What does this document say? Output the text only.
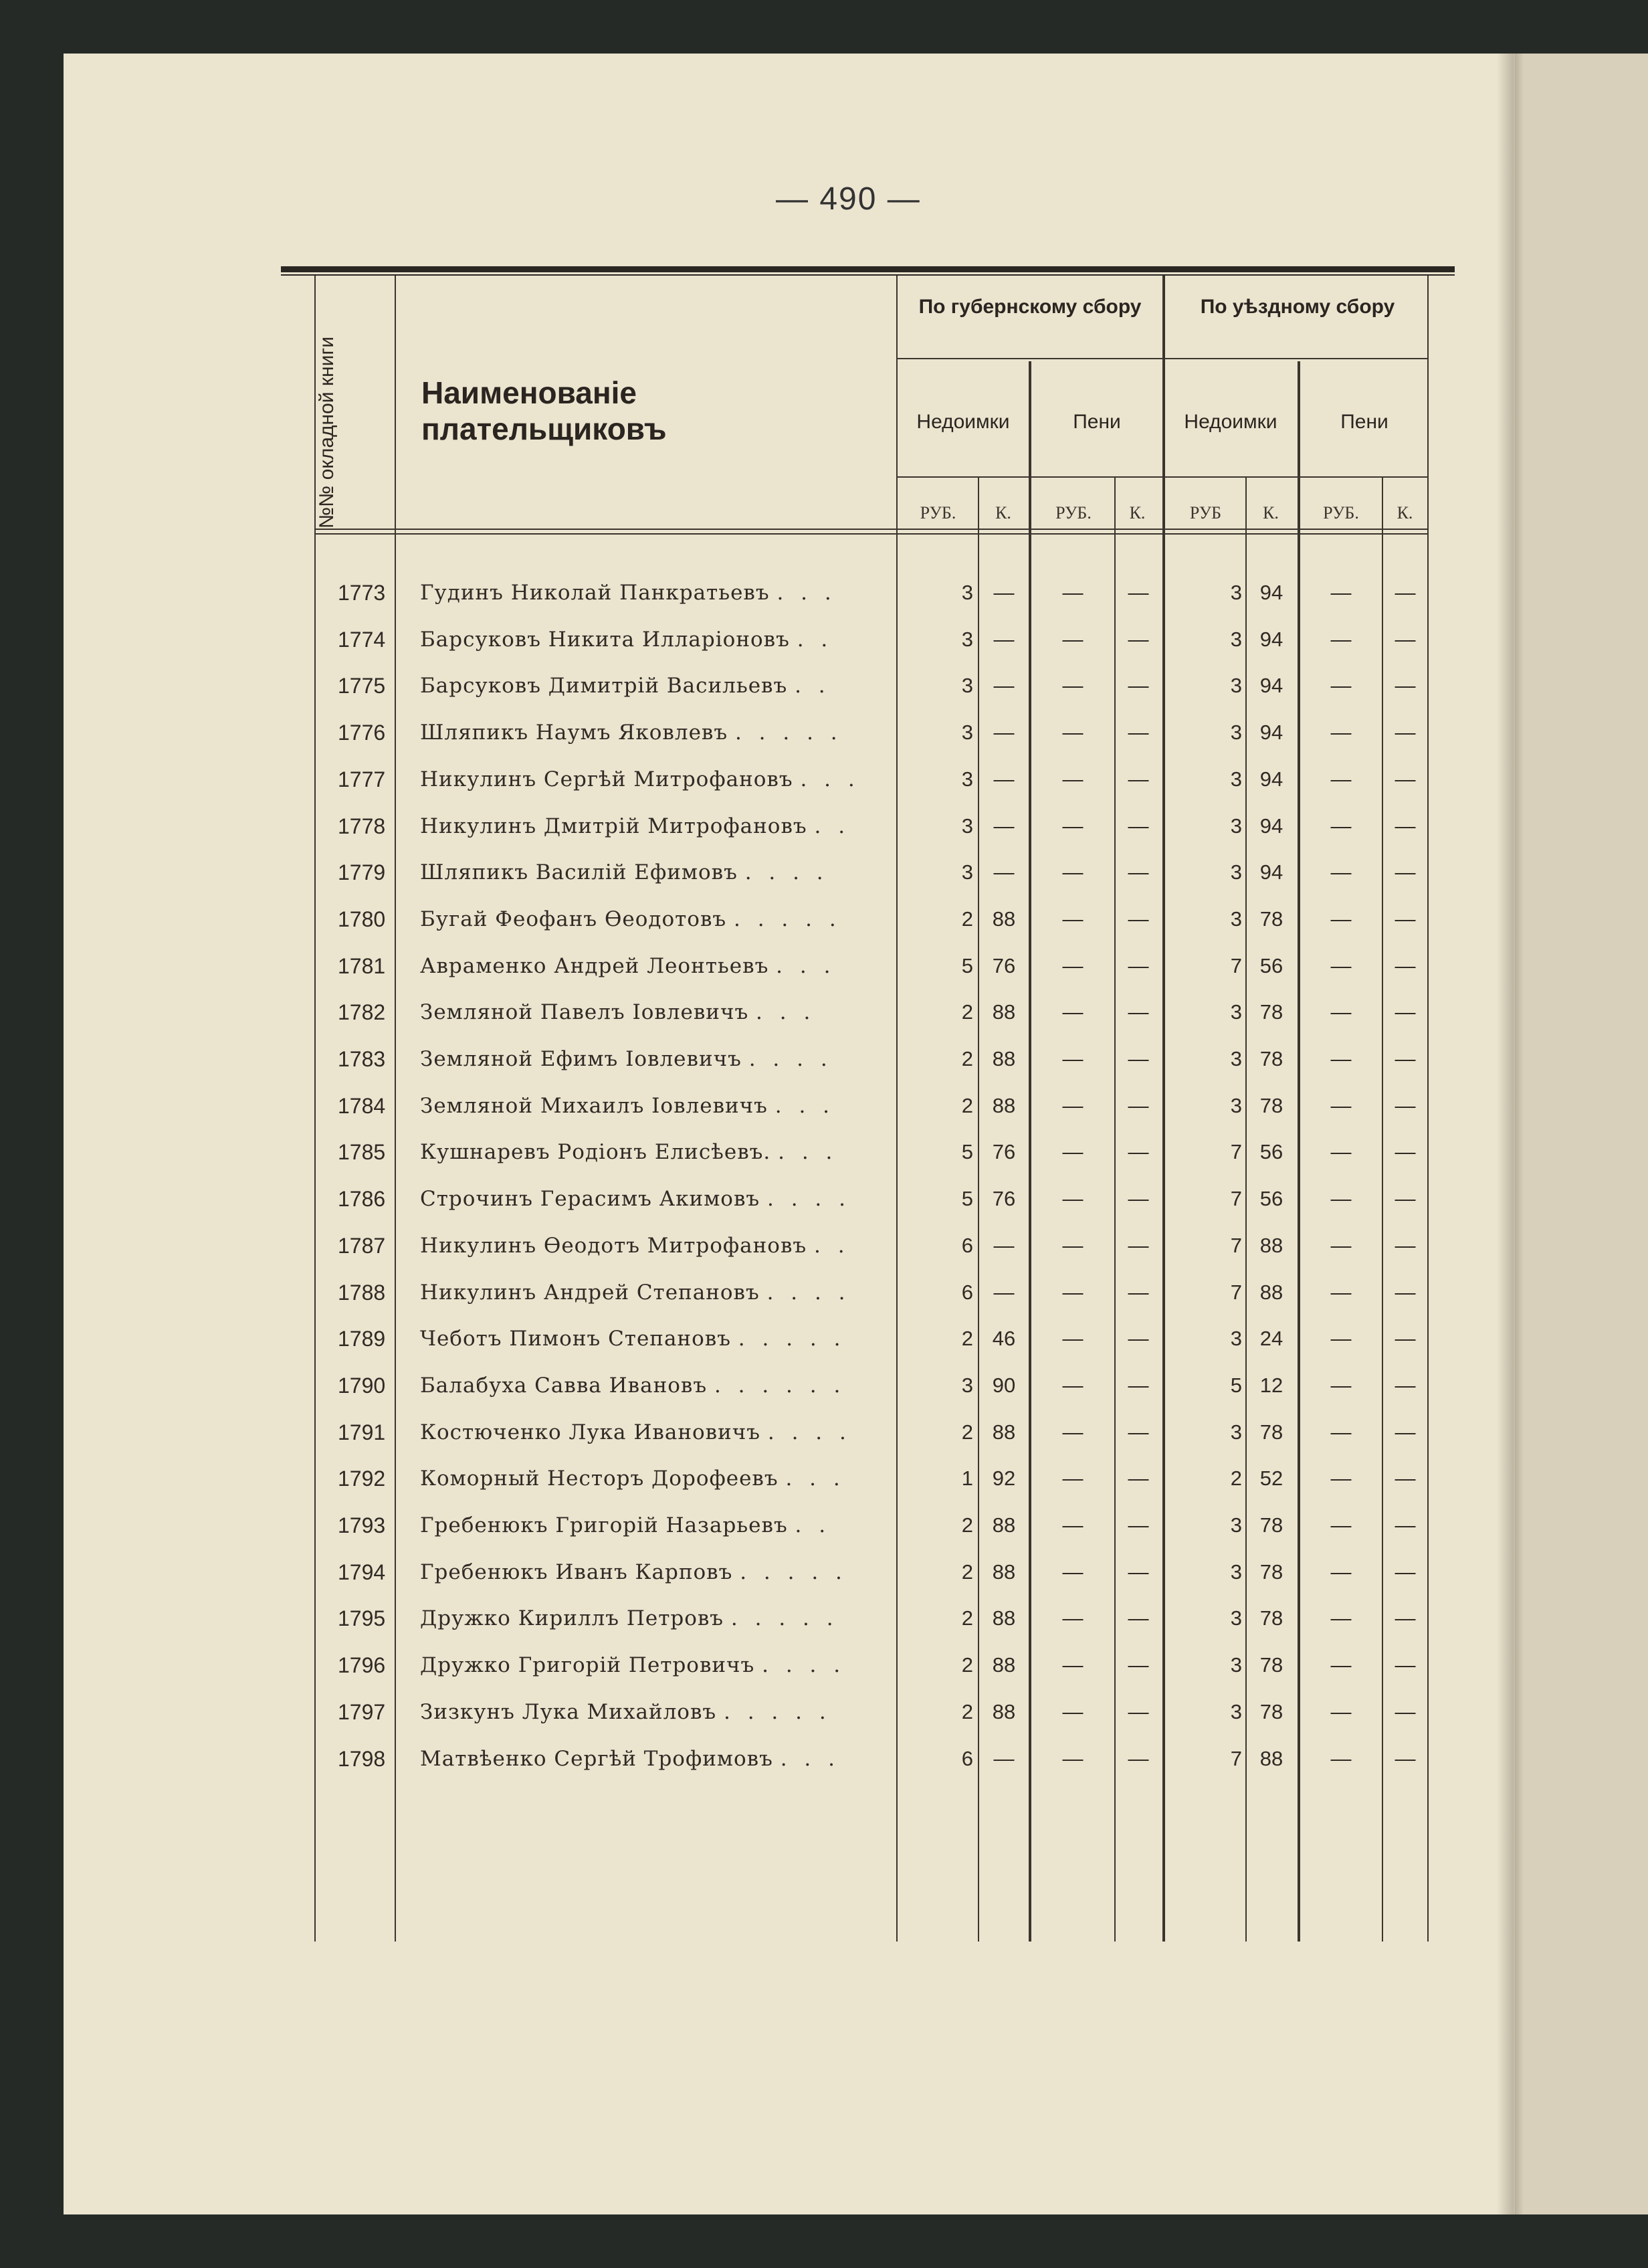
— 490 —
№№ окладной книги	Наименованіе плательщиковъ
По губернскому сбору	По уѣздному сбору
Недоимки	Пени	Недоимки	Пени
РУБ.	К.	РУБ.	К.	РУБ	К.	РУБ.	К.
1773 Гудинъ Николай Панкратьевъ . . .	3 —	—	—	3 94	—	—
1774 Барсуковъ Никита Илларіоновъ . .	3 —	—	—	3 94	—	—
1775 Барсуковъ Димитрій Васильевъ . .	3 —	—	—	3 94	—	—
1776 Шляпикъ Наумъ Яковлевъ . . . . .	3 —	—	—	3 94	—	—
1777 Никулинъ Сергѣй Митрофановъ . . .	3 —	—	—	3 94	—	—
1778 Никулинъ Дмитрій Митрофановъ . .	3 —	—	—	3 94	—	—
1779 Шляпикъ Василій Ефимовъ . . . .	3 —	—	—	3 94	—	—
1780 Бугай Феофанъ Ѳеодотовъ . . . . .	2 88	—	—	3 78	—	—
1781 Авраменко Андрей Леонтьевъ . . .	5 76	—	—	7 56	—	—
1782 Земляной Павелъ Іовлевичъ . . .	2 88	—	—	3 78	—	—
1783 Земляной Ефимъ Іовлевичъ . . . .	2 88	—	—	3 78	—	—
1784 Земляной Михаилъ Іовлевичъ . . .	2 88	—	—	3 78	—	—
1785 Кушнаревъ Родіонъ Елисѣевъ. . . .	5 76	—	—	7 56	—	—
1786 Строчинъ Герасимъ Акимовъ . . . .	5 76	—	—	7 56	—	—
1787 Никулинъ Ѳеодотъ Митрофановъ . .	6 —	—	—	7 88	—	—
1788 Никулинъ Андрей Степановъ . . . .	6 —	—	—	7 88	—	—
1789 Чеботъ Пимонъ Степановъ . . . . .	2 46	—	—	3 24	—	—
1790 Балабуха Савва Ивановъ . . . . . .	3 90	—	—	5 12	—	—
1791 Костюченко Лука Ивановичъ . . . .	2 88	—	—	3 78	—	—
1792 Коморный Несторъ Дорофеевъ . . .	1 92	—	—	2 52	—	—
1793 Гребенюкъ Григорій Назарьевъ . .	2 88	—	—	3 78	—	—
1794 Гребенюкъ Иванъ Карповъ . . . . .	2 88	—	—	3 78	—	—
1795 Дружко Кириллъ Петровъ . . . . .	2 88	—	—	3 78	—	—
1796 Дружко Григорій Петровичъ . . . .	2 88	—	—	3 78	—	—
1797 Зизкунъ Лука Михайловъ . . . . .	2 88	—	—	3 78	—	—
1798 Матвѣенко Сергѣй Трофимовъ . . .	6 —	—	—	7 88	—	—
